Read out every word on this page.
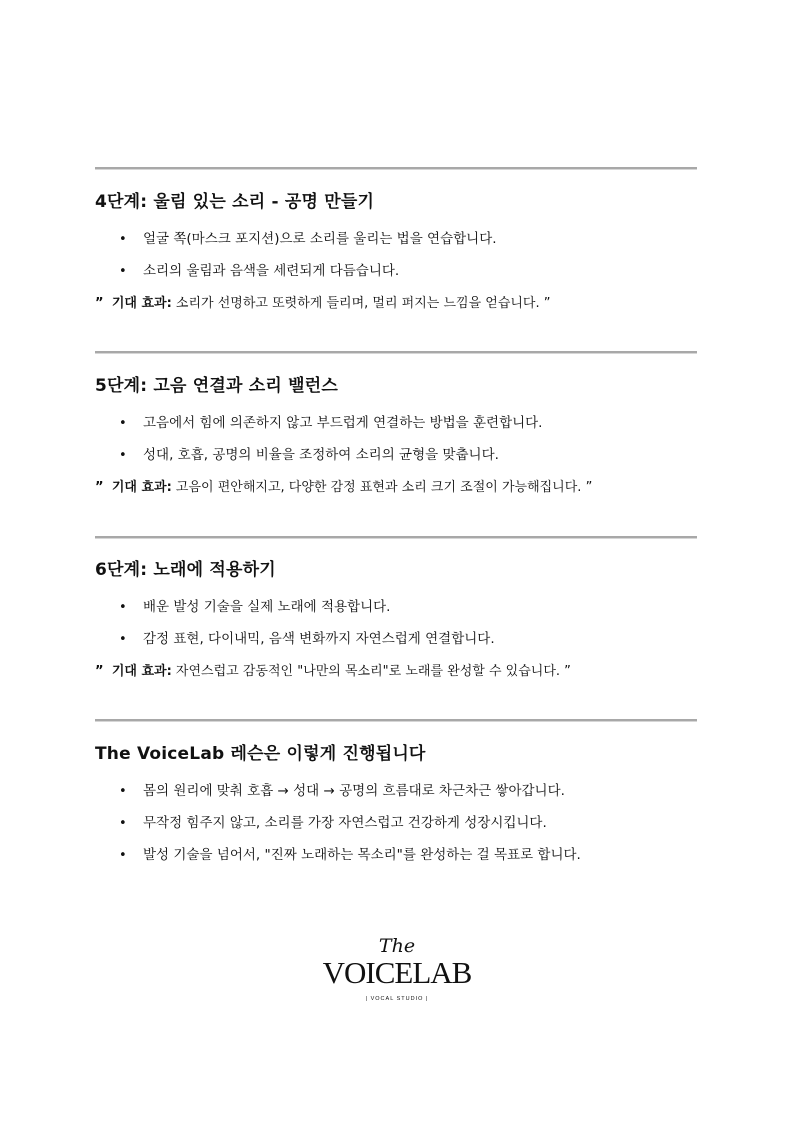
4단계: 울림 있는 소리 - 공명 만들기
• 얼굴 쪽(마스크 포지션)으로 소리를 울리는 법을 연습합니다.
• 소리의 울림과 음색을 세련되게 다듬습니다.
” 기대 효과: 소리가 선명하고 또렷하게 들리며, 멀리 퍼지는 느낌을 얻습니다. ”
5단계: 고음 연결과 소리 밸런스
• 고음에서 힘에 의존하지 않고 부드럽게 연결하는 방법을 훈련합니다.
• 성대, 호흡, 공명의 비율을 조정하여 소리의 균형을 맞춥니다.
” 기대 효과: 고음이 편안해지고, 다양한 감정 표현과 소리 크기 조절이 가능해집니다. ”
6단계: 노래에 적용하기
• 배운 발성 기술을 실제 노래에 적용합니다.
• 감정 표현, 다이내믹, 음색 변화까지 자연스럽게 연결합니다.
” 기대 효과: 자연스럽고 감동적인 "나만의 목소리"로 노래를 완성할 수 있습니다. ”
The VoiceLab 레슨은 이렇게 진행됩니다
• 몸의 원리에 맞춰 호흡 → 성대 → 공명의 흐름대로 차근차근 쌓아갑니다.
• 무작정 힘주지 않고, 소리를 가장 자연스럽고 건강하게 성장시킵니다.
• 발성 기술을 넘어서, "진짜 노래하는 목소리"를 완성하는 걸 목표로 합니다.
The
VOICELAB
| VOCAL STUDIO |
